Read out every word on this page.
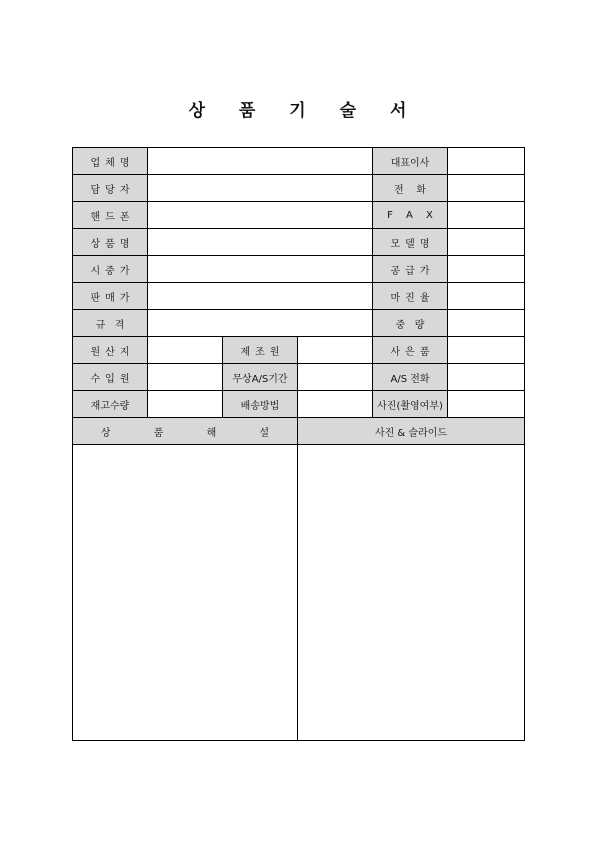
상 품 기 술 서
업체명				대표이사	
담당자				전    화	
핸드폰				F A X	
상품명				모델명	
시중가				공급가	
판매가				마진율	
규   격				중   량	
원산지		제조원		사은품	
수입원		무상A/S기간		A/S 전화	
재고수량		배송방법		사진(촬영여부)	
상 품 해 설			사진 & 슬라이드		
